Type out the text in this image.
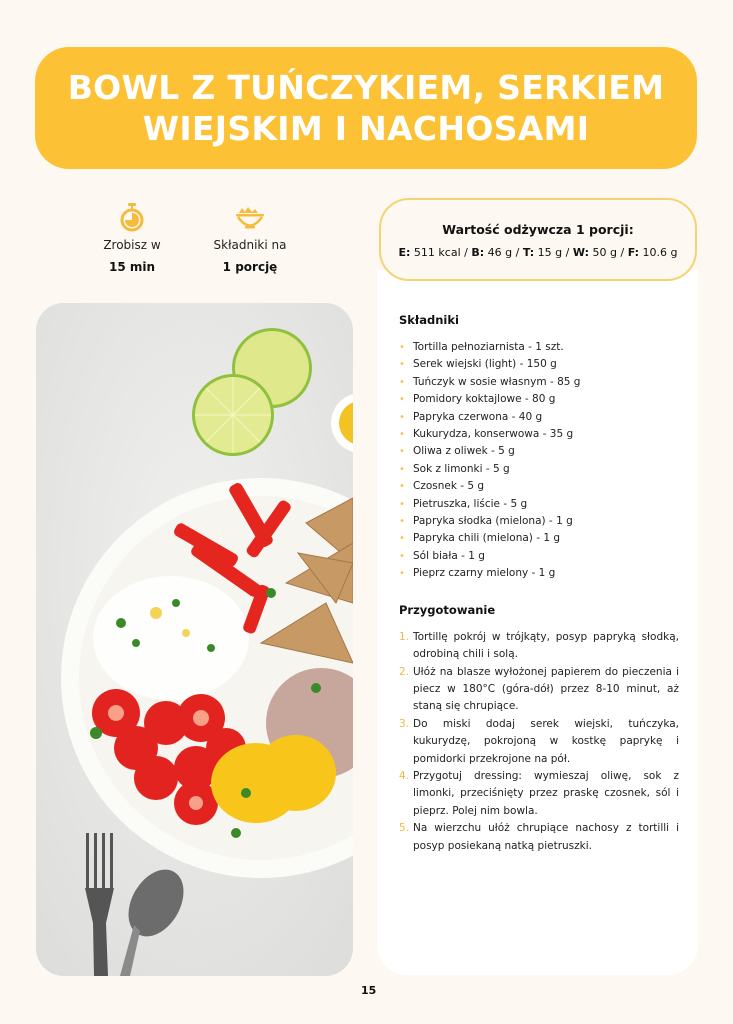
BOWL Z TUŃCZYKIEM, SERKIEM
WIEJSKIM I NACHOSAMI
Zrobisz w
15 min
Składniki na
1 porcję
Wartość odżywcza 1 porcji:
E: 511 kcal / B: 46 g / T: 15 g / W: 50 g / F: 10.6 g
Składniki
• Tortilla pełnoziarnista - 1 szt.
• Serek wiejski (light) - 150 g
• Tuńczyk w sosie własnym - 85 g
• Pomidory koktajlowe - 80 g
• Papryka czerwona - 40 g
• Kukurydza, konserwowa - 35 g
• Oliwa z oliwek - 5 g
• Sok z limonki - 5 g
• Czosnek - 5 g
• Pietruszka, liście - 5 g
• Papryka słodka (mielona) - 1 g
• Papryka chili (mielona) - 1 g
• Sól biała - 1 g
• Pieprz czarny mielony - 1 g
Przygotowanie
1. Tortillę pokrój w trójkąty, posyp papryką słodką, odrobiną chili i solą.
2. Ułóż na blasze wyłożonej papierem do pieczenia i piecz w 180°C (góra-dół) przez 8-10 minut, aż staną się chrupiące.
3. Do miski dodaj serek wiejski, tuńczyka, kukurydzę, pokrojoną w kostkę paprykę i pomidorki przekrojone na pół.
4. Przygotuj dressing: wymieszaj oliwę, sok z limonki, przeciśnięty przez praskę czosnek, sól i pieprz. Polej nim bowla.
5. Na wierzchu ułóż chrupiące nachosy z tortilli i posyp posiekaną natką pietruszki.
15
